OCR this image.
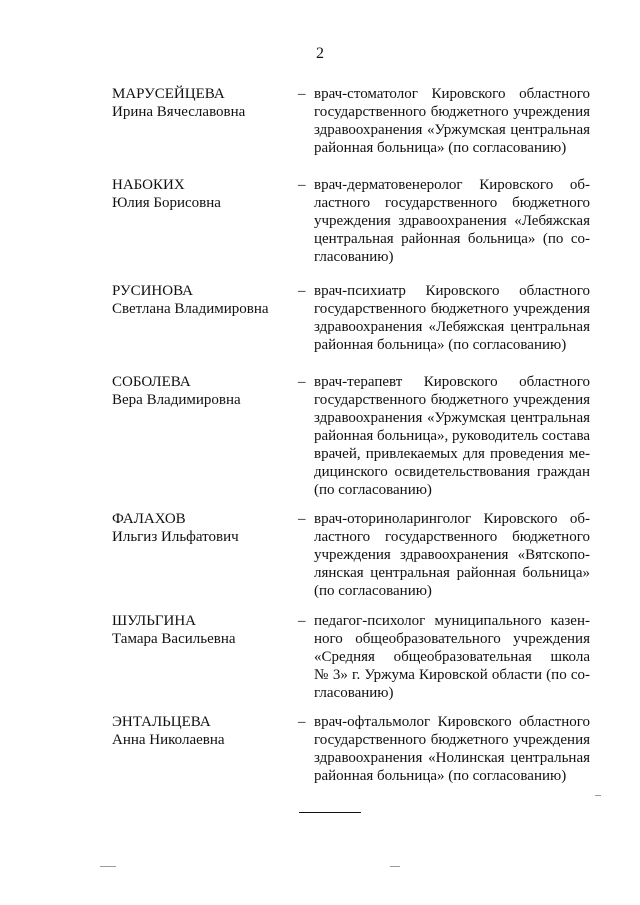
2
МАРУСЕЙЦЕВА
Ирина Вячеславовна
– врач-стоматолог Кировского областного
государственного бюджетного учреждения
здравоохранения «Уржумская центральная
районная больница» (по согласованию)
НАБОКИХ
Юлия Борисовна
– врач-дерматовенеролог Кировского об-
ластного государственного бюджетного
учреждения здравоохранения «Лебяжская
центральная районная больница» (по со-
гласованию)
РУСИНОВА
Светлана Владимировна
– врач-психиатр Кировского областного
государственного бюджетного учреждения
здравоохранения «Лебяжская центральная
районная больница» (по согласованию)
СОБОЛЕВА
Вера Владимировна
– врач-терапевт Кировского областного
государственного бюджетного учреждения
здравоохранения «Уржумская центральная
районная больница», руководитель состава
врачей, привлекаемых для проведения ме-
дицинского освидетельствования граждан
(по согласованию)
ФАЛАХОВ
Ильгиз Ильфатович
– врач-оториноларинголог Кировского об-
ластного государственного бюджетного
учреждения здравоохранения «Вятскопо-
лянская центральная районная больница»
(по согласованию)
ШУЛЬГИНА
Тамара Васильевна
– педагог-психолог муниципального казен-
ного общеобразовательного учреждения
«Средняя общеобразовательная школа
№ 3» г. Уржума Кировской области (по со-
гласованию)
ЭНТАЛЬЦЕВА
Анна Николаевна
– врач-офтальмолог Кировского областного
государственного бюджетного учреждения
здравоохранения «Нолинская центральная
районная больница» (по согласованию)
